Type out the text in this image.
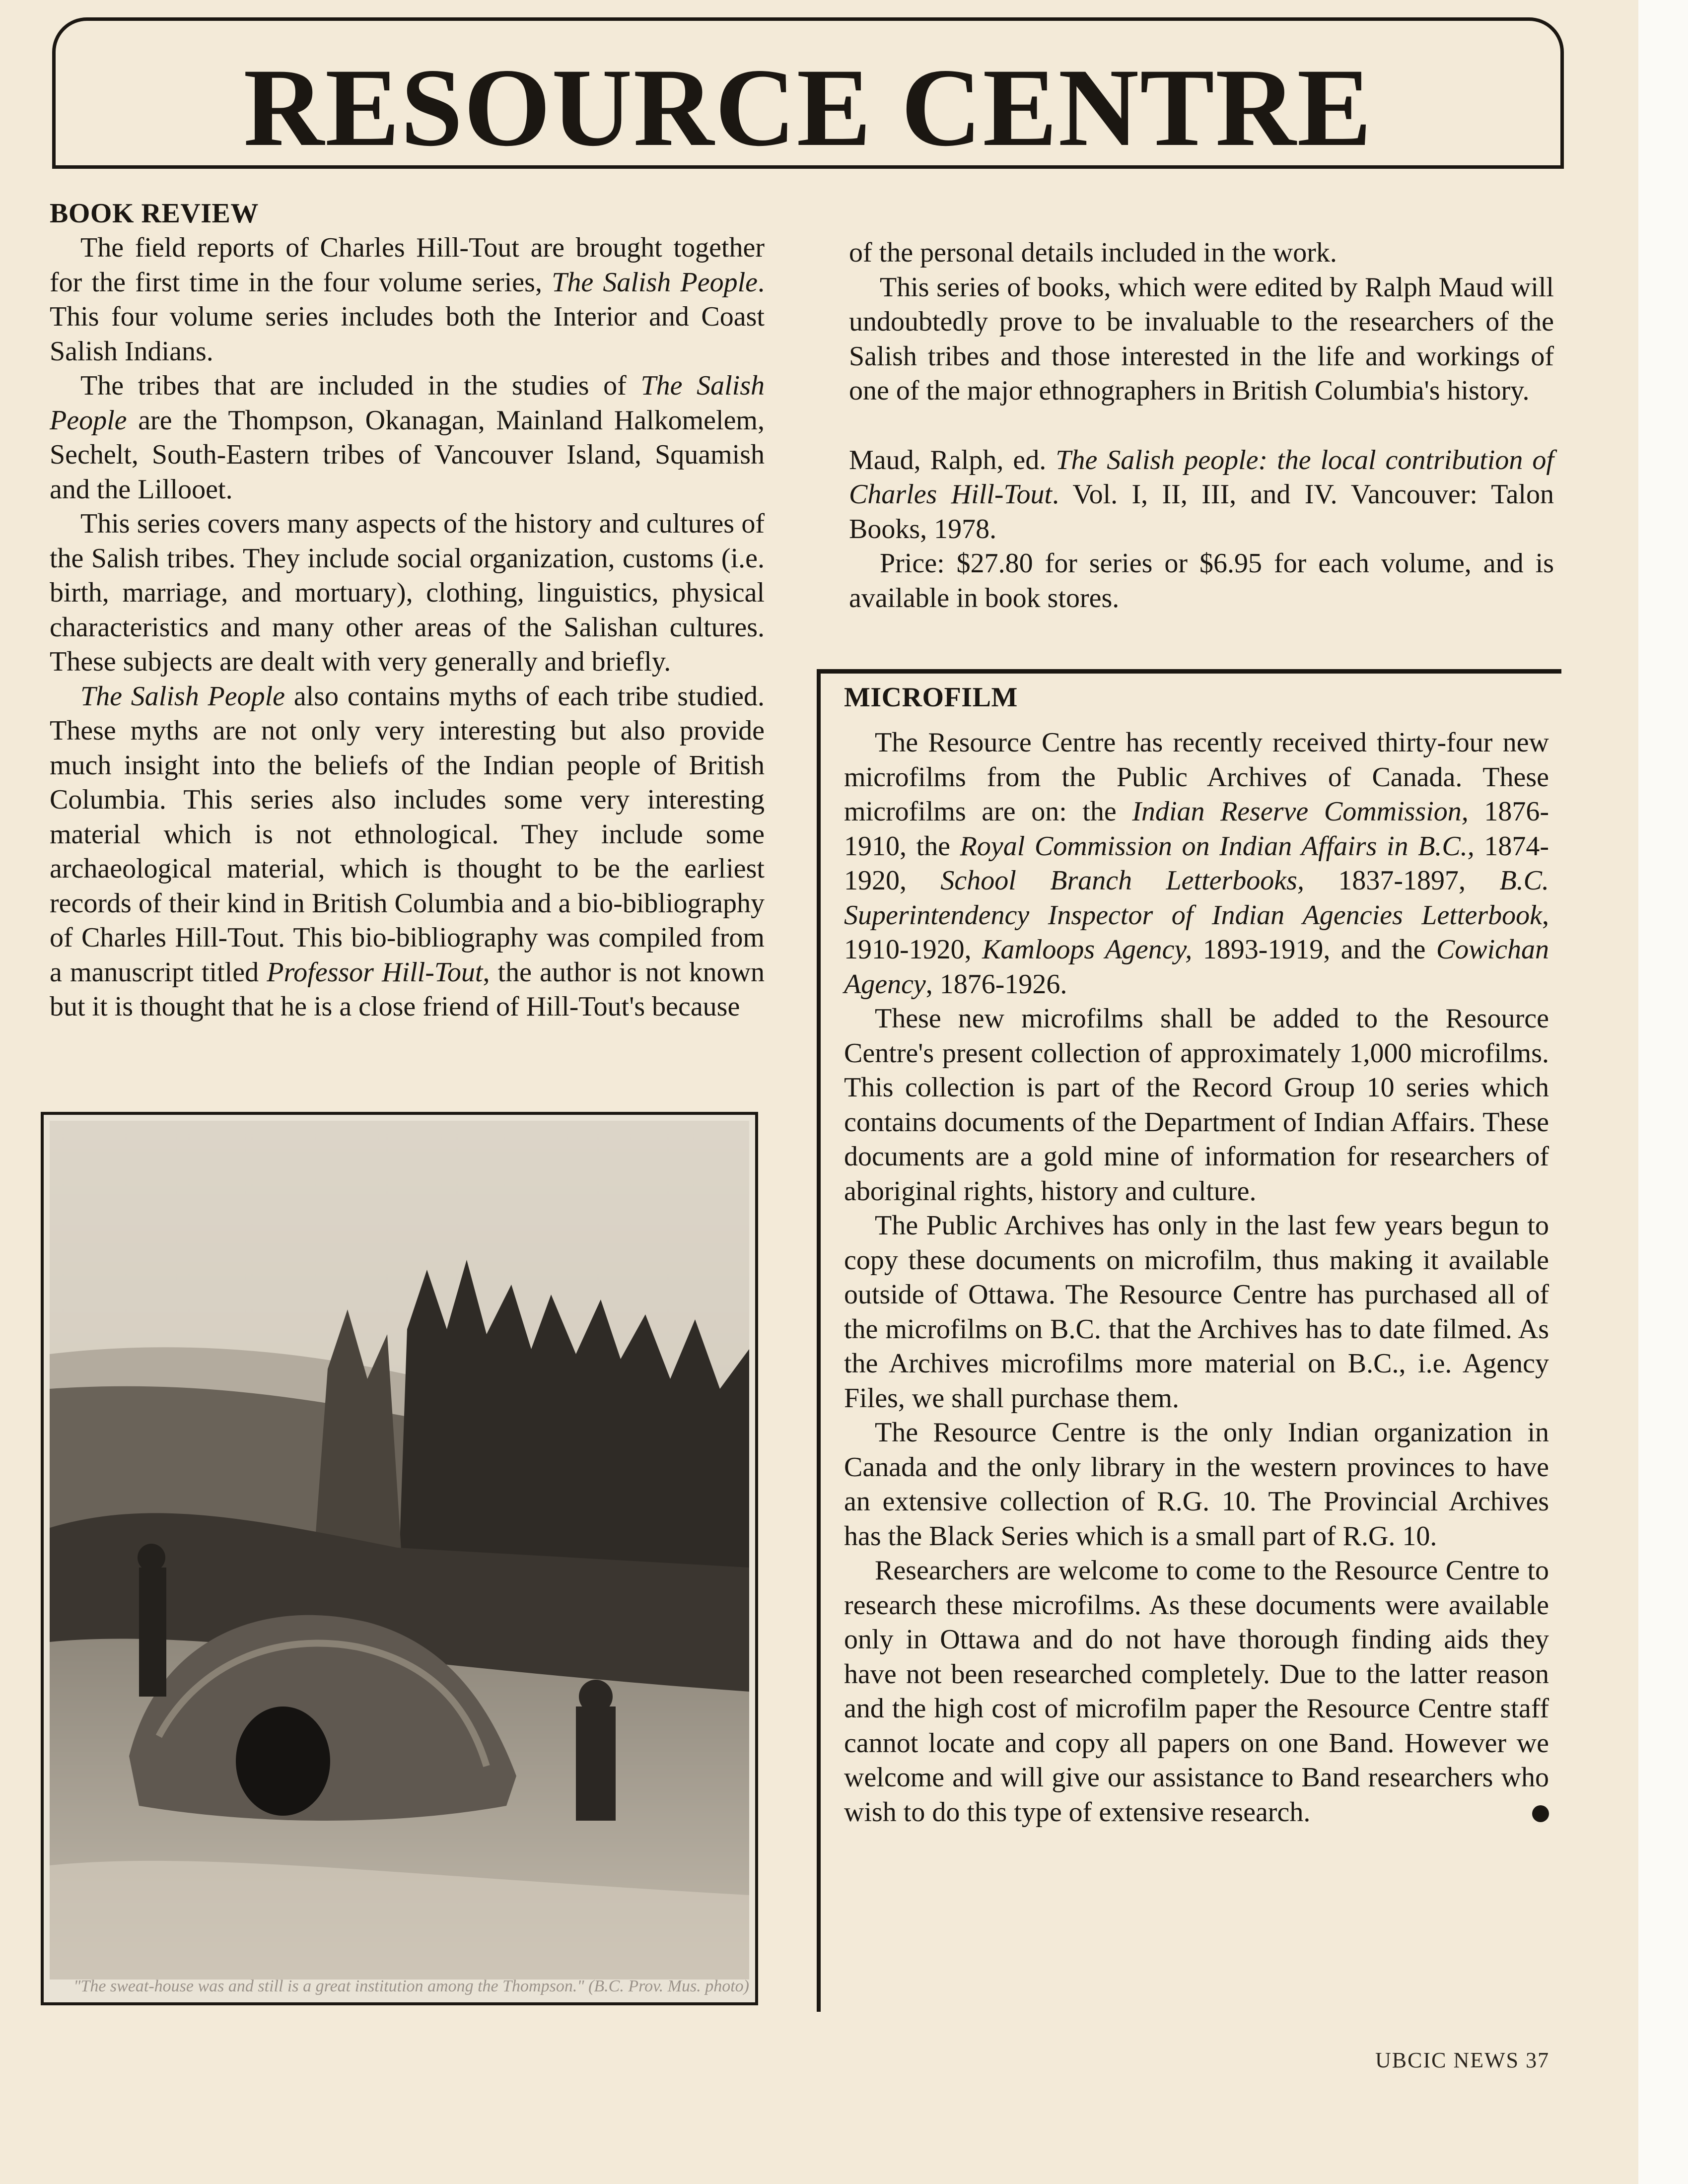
RESOURCE CENTRE
BOOK REVIEW

The field reports of Charles Hill-Tout are brought together for the first time in the four volume series, The Salish People. This four volume series includes both the Interior and Coast Salish Indians.

The tribes that are included in the studies of The Salish People are the Thompson, Okanagan, Mainland Halkomelem, Sechelt, South-Eastern tribes of Vancouver Island, Squamish and the Lillooet.

This series covers many aspects of the history and cultures of the Salish tribes. They include social organization, customs (i.e. birth, marriage, and mortuary), clothing, linguistics, physical characteristics and many other areas of the Salishan cultures. These subjects are dealt with very generally and briefly.

The Salish People also contains myths of each tribe studied. These myths are not only very interesting but also provide much insight into the beliefs of the Indian people of British Columbia. This series also includes some very interesting material which is not ethnological. They include some archaeological material, which is thought to be the earliest records of their kind in British Columbia and a bio-bibliography of Charles Hill-Tout. This bio-bibliography was compiled from a manuscript titled Professor Hill-Tout, the author is not known but it is thought that he is a close friend of Hill-Tout's because

"The sweat-house was and still is a great institution among the Thompson." (B.C. Prov. Mus. photo)

of the personal details included in the work.

This series of books, which were edited by Ralph Maud will undoubtedly prove to be invaluable to the researchers of the Salish tribes and those interested in the life and workings of one of the major ethnographers in British Columbia's history.

Maud, Ralph, ed. The Salish people: the local contribution of Charles Hill-Tout. Vol. I, II, III, and IV. Vancouver: Talon Books, 1978.

Price: $27.80 for series or $6.95 for each volume, and is available in book stores.

MICROFILM

The Resource Centre has recently received thirty-four new microfilms from the Public Archives of Canada. These microfilms are on: the Indian Reserve Commission, 1876-1910, the Royal Commission on Indian Affairs in B.C., 1874-1920, School Branch Letterbooks, 1837-1897, B.C. Superintendency Inspector of Indian Agencies Letterbook, 1910-1920, Kamloops Agency, 1893-1919, and the Cowichan Agency, 1876-1926.

These new microfilms shall be added to the Resource Centre's present collection of approximately 1,000 microfilms. This collection is part of the Record Group 10 series which contains documents of the Department of Indian Affairs. These documents are a gold mine of information for researchers of aboriginal rights, history and culture.

The Public Archives has only in the last few years begun to copy these documents on microfilm, thus making it available outside of Ottawa. The Resource Centre has purchased all of the microfilms on B.C. that the Archives has to date filmed. As the Archives microfilms more material on B.C., i.e. Agency Files, we shall purchase them.

The Resource Centre is the only Indian organization in Canada and the only library in the western provinces to have an extensive collection of R.G. 10. The Provincial Archives has the Black Series which is a small part of R.G. 10.

Researchers are welcome to come to the Resource Centre to research these microfilms. As these documents were available only in Ottawa and do not have thorough finding aids they have not been researched completely. Due to the latter reason and the high cost of microfilm paper the Resource Centre staff cannot locate and copy all papers on one Band. However we welcome and will give our assistance to Band researchers who wish to do this type of extensive research.

UBCIC NEWS 37
